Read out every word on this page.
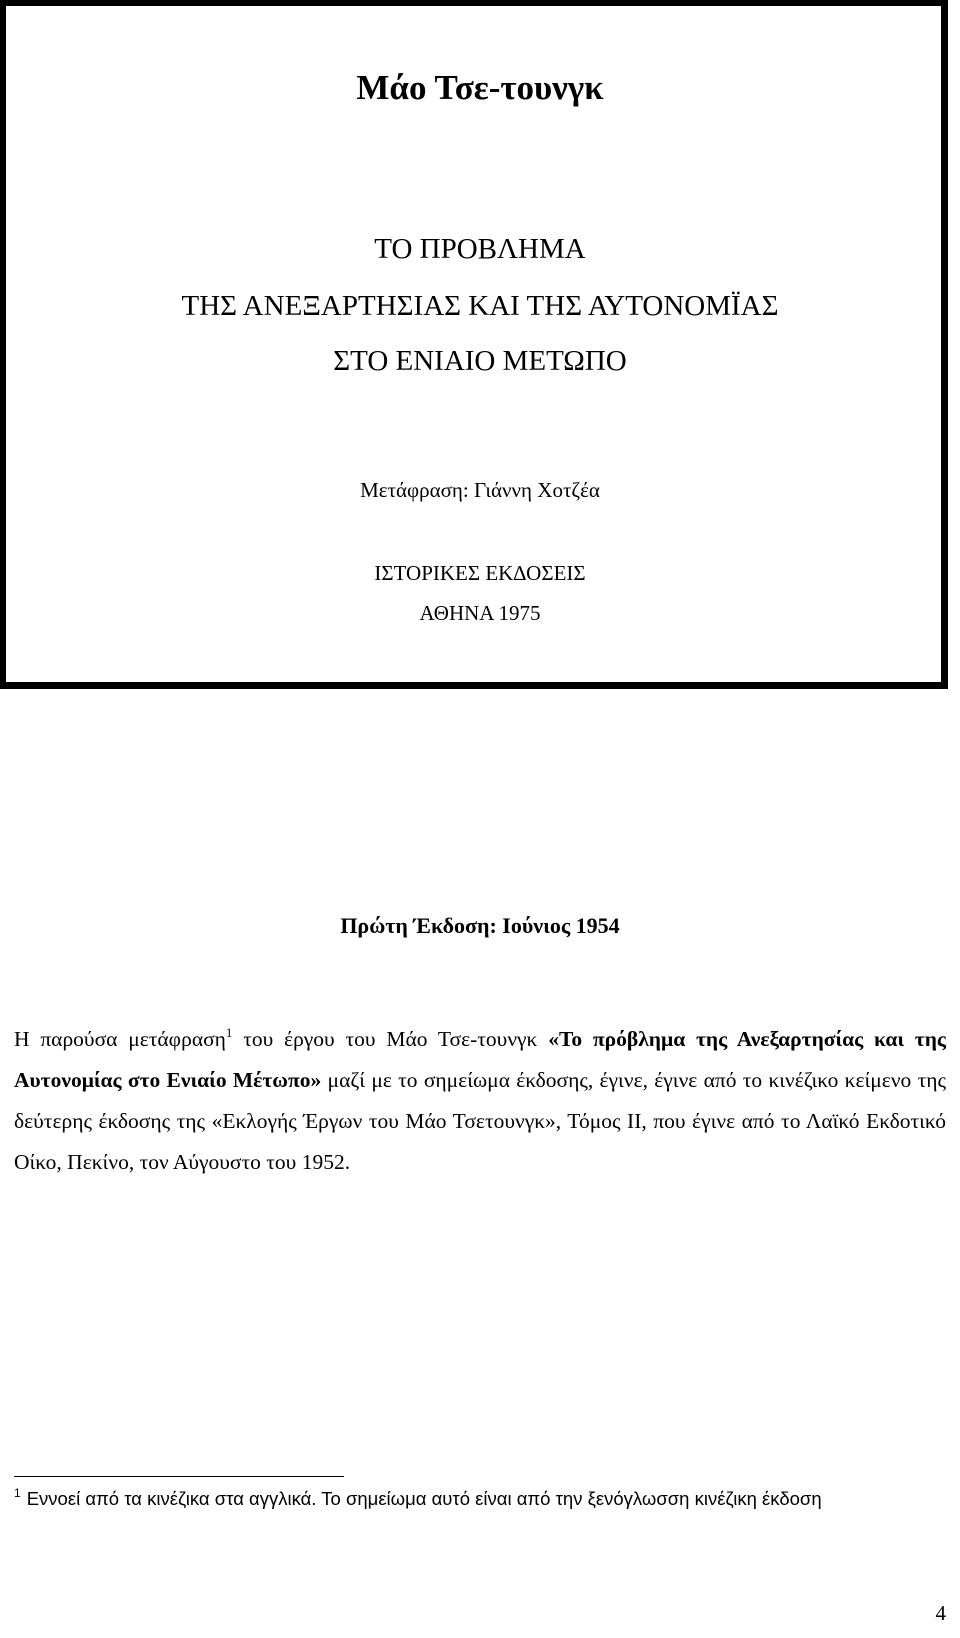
Μάο Τσε-τουνγκ
ΤΟ ΠΡΟΒΛΗΜΑ
ΤΗΣ ΑΝΕΞΑΡΤΗΣΙΑΣ ΚΑΙ ΤΗΣ ΑΥΤΟΝΟΜΪΑΣ
ΣΤΟ ΕΝΙΑΙΟ ΜΕΤΩΠΟ
Μετάφραση: Γιάννη Χοτζέα
ΙΣΤΟΡΙΚΕΣ ΕΚ∆ΟΣΕΙΣ
ΑΘΗΝΑ 1975
Πρώτη Έκδοση: Ιούνιος 1954
Η παρούσα μετάφραση$^1$ του έργου του Μάο Τσε-τουνγκ «Το πρόβλημα της Ανεξαρτησίας και της Αυτονομίας στο Ενιαίο Μέτωπο» μαζί με το σημείωμα έκδοσης, έγινε, έγινε από το κινέζικο κείμενο της δεύτερης έκδοσης της «Εκλογής Έργων του Μάο Τσετουνγκ», Τόμος ΙΙ, που έγινε από το Λαϊκό Εκδοτικό Οίκο, Πεκίνο, τον Αύγουστο του 1952.
$^1$ Εννοεί από τα κινέζικα στα αγγλικά. Το σημείωμα αυτό είναι από την ξενόγλωσση κινέζικη έκδοση
4
